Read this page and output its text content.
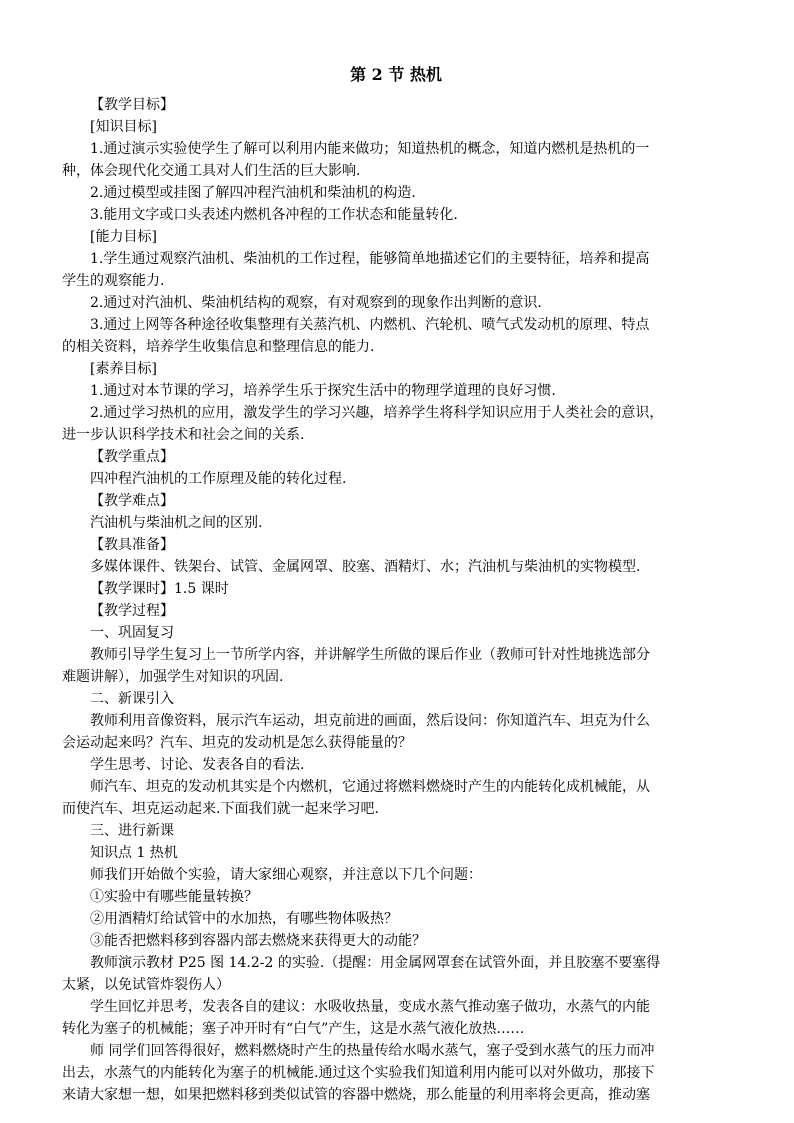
第 2 节 热机

【教学目标】

[知识目标]

1.通过演示实验使学生了解可以利用内能来做功；知道热机的概念，知道内燃机是热机的一

种，体会现代化交通工具对人们生活的巨大影响.

2.通过模型或挂图了解四冲程汽油机和柴油机的构造.

3.能用文字或口头表述内燃机各冲程的工作状态和能量转化.

[能力目标]

1.学生通过观察汽油机、柴油机的工作过程，能够简单地描述它们的主要特征，培养和提高

学生的观察能力.

2.通过对汽油机、柴油机结构的观察，有对观察到的现象作出判断的意识.

3.通过上网等各种途径收集整理有关蒸汽机、内燃机、汽轮机、喷气式发动机的原理、特点

的相关资料，培养学生收集信息和整理信息的能力.

[素养目标]

1.通过对本节课的学习，培养学生乐于探究生活中的物理学道理的良好习惯.

2.通过学习热机的应用，激发学生的学习兴趣，培养学生将科学知识应用于人类社会的意识，

进一步认识科学技术和社会之间的关系.

【教学重点】

四冲程汽油机的工作原理及能的转化过程.

【教学难点】

汽油机与柴油机之间的区别.

【教具准备】

多媒体课件、铁架台、试管、金属网罩、胶塞、酒精灯、水；汽油机与柴油机的实物模型.

【教学课时】1.5 课时

【教学过程】

一、巩固复习

教师引导学生复习上一节所学内容，并讲解学生所做的课后作业（教师可针对性地挑选部分

难题讲解），加强学生对知识的巩固.

二、新课引入

教师利用音像资料，展示汽车运动，坦克前进的画面，然后设问：你知道汽车、坦克为什么

会运动起来吗？汽车、坦克的发动机是怎么获得能量的？

学生思考、讨论、发表各自的看法.

师汽车、坦克的发动机其实是个内燃机，它通过将燃料燃烧时产生的内能转化成机械能，从

而使汽车、坦克运动起来.下面我们就一起来学习吧.

三、进行新课

知识点 1 热机

师我们开始做个实验，请大家细心观察，并注意以下几个问题：

①实验中有哪些能量转换？

②用酒精灯给试管中的水加热，有哪些物体吸热？

③能否把燃料移到容器内部去燃烧来获得更大的动能？

教师演示教材 P25 图 14.2-2 的实验.（提醒：用金属网罩套在试管外面，并且胶塞不要塞得

太紧，以免试管炸裂伤人）

学生回忆并思考，发表各自的建议：水吸收热量，变成水蒸气推动塞子做功，水蒸气的内能

转化为塞子的机械能；塞子冲开时有“白气”产生，这是水蒸气液化放热……

师 同学们回答得很好，燃料燃烧时产生的热量传给水喝水蒸气，塞子受到水蒸气的压力而冲

出去，水蒸气的内能转化为塞子的机械能.通过这个实验我们知道利用内能可以对外做功，那接下

来请大家想一想，如果把燃料移到类似试管的容器中燃烧，那么能量的利用率将会更高，推动塞
